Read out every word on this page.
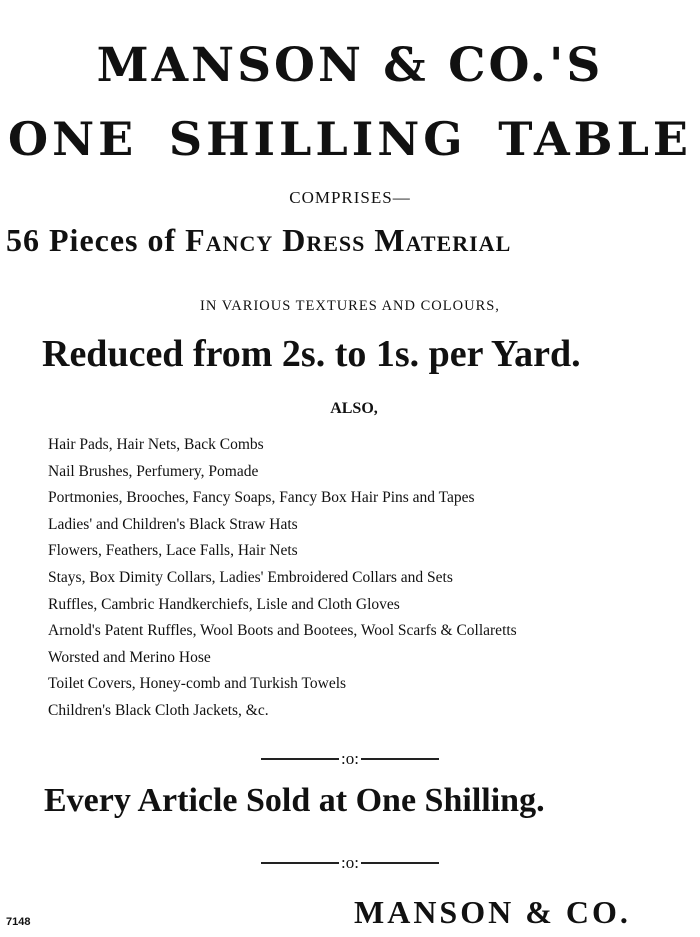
MANSON & CO.'S
ONE SHILLING TABLE
COMPRISES—
56 Pieces of Fancy Dress Material
IN VARIOUS TEXTURES AND COLOURS,
Reduced from 2s. to 1s. per Yard.
ALSO,
Hair Pads, Hair Nets, Back Combs
Nail Brushes, Perfumery, Pomade
Portmonies, Brooches, Fancy Soaps, Fancy Box Hair Pins and Tapes
Ladies' and Children's Black Straw Hats
Flowers, Feathers, Lace Falls, Hair Nets
Stays, Box Dimity Collars, Ladies' Embroidered Collars and Sets
Ruffles, Cambric Handkerchiefs, Lisle and Cloth Gloves
Arnold's Patent Ruffles, Wool Boots and Bootees, Wool Scarfs & Collaretts
Worsted and Merino Hose
Toilet Covers, Honey-comb and Turkish Towels
Children's Black Cloth Jackets, &c.
:o:
Every Article Sold at One Shilling.
:o:
7148	MANSON & CO.
